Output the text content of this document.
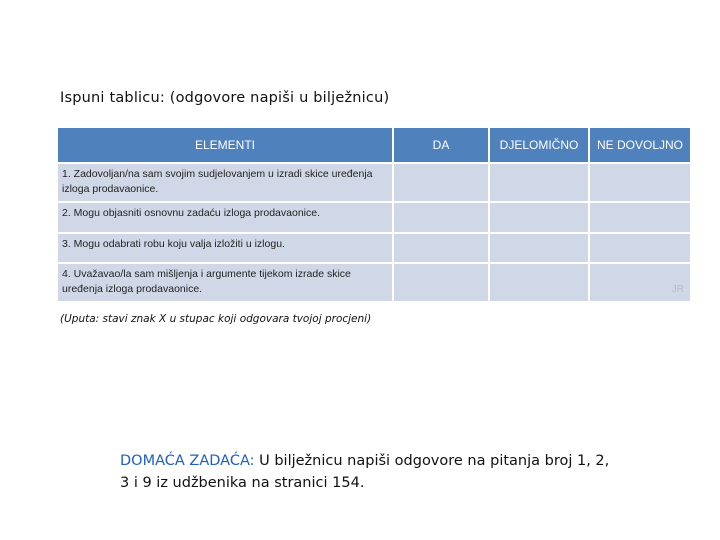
Ispuni tablicu: (odgovore napiši u bilježnicu)
ELEMENTI	DA	DJELOMIČNO	NE DOVOLJNO
1. Zadovoljan/na sam svojim sudjelovanjem u izradi skice uređenja izloga prodavaonice.			
2. Mogu objasniti osnovnu zadaću izloga prodavaonice.			
3. Mogu odabrati robu koju valja izložiti u izlogu.			
4. Uvažavao/la sam mišljenja i argumente tijekom izrade skice uređenja izloga prodavaonice.			JR
(Uputa: stavi znak X u stupac koji odgovara tvojoj procjeni)
DOMAĆA ZADAĆA: U bilježnicu napiši odgovore na pitanja broj 1, 2, 3 i 9 iz udžbenika na stranici 154.
